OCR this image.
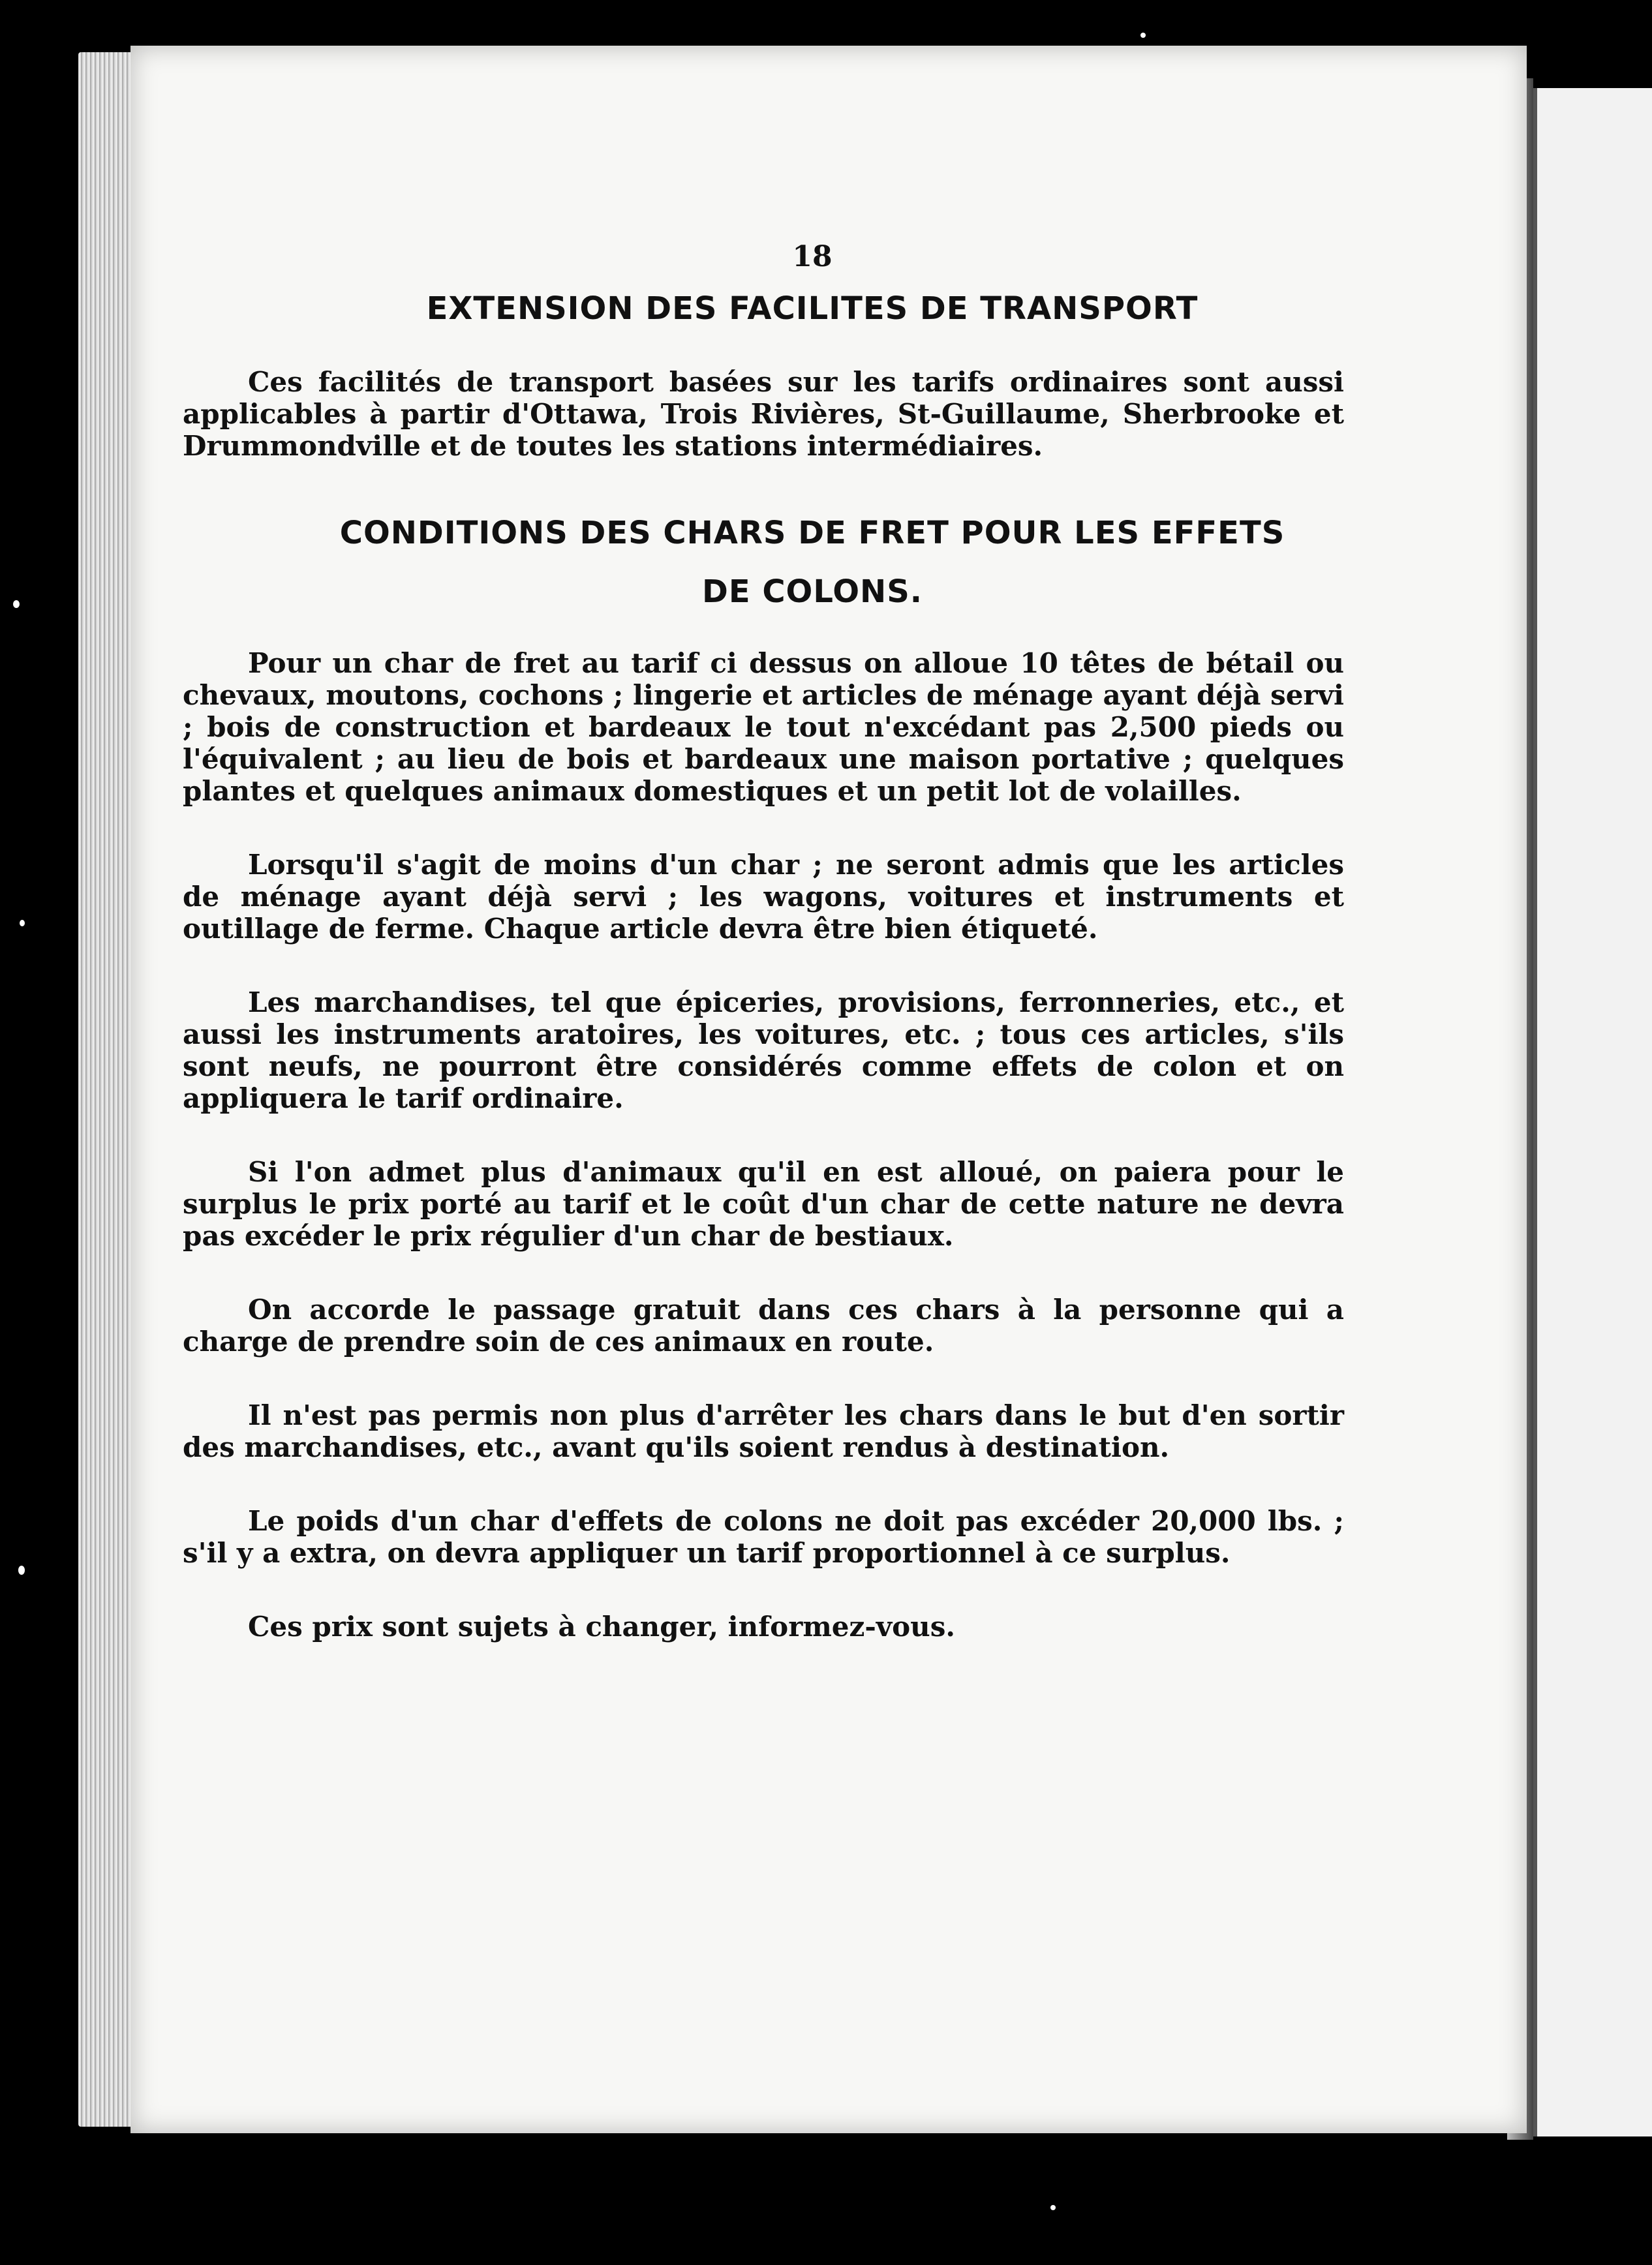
18
EXTENSION DES FACILITES DE TRANSPORT

Ces facilités de transport basées sur les tarifs ordinaires sont aussi applicables à partir d'Ottawa, Trois Rivières, St-Guillaume, Sherbrooke et Drummondville et de toutes les stations intermédiaires.

CONDITIONS DES CHARS DE FRET POUR LES EFFETS
DE COLONS.

Pour un char de fret au tarif ci dessus on alloue 10 têtes de bétail ou chevaux, moutons, cochons ; lingerie et articles de ménage ayant déjà servi ; bois de construction et bardeaux le tout n'excédant pas 2,500 pieds ou l'équivalent ; au lieu de bois et bardeaux une maison portative ; quelques plantes et quelques animaux domestiques et un petit lot de volailles.

Lorsqu'il s'agit de moins d'un char ; ne seront admis que les articles de ménage ayant déjà servi ; les wagons, voitures et instruments et outillage de ferme. Chaque article devra être bien étiqueté.

Les marchandises, tel que épiceries, provisions, ferronneries, etc., et aussi les instruments aratoires, les voitures, etc. ; tous ces articles, s'ils sont neufs, ne pourront être considérés comme effets de colon et on appliquera le tarif ordinaire.

Si l'on admet plus d'animaux qu'il en est alloué, on paiera pour le surplus le prix porté au tarif et le coût d'un char de cette nature ne devra pas excéder le prix régulier d'un char de bestiaux.

On accorde le passage gratuit dans ces chars à la personne qui a charge de prendre soin de ces animaux en route.

Il n'est pas permis non plus d'arrêter les chars dans le but d'en sortir des marchandises, etc., avant qu'ils soient rendus à destination.

Le poids d'un char d'effets de colons ne doit pas excéder 20,000 lbs. ; s'il y a extra, on devra appliquer un tarif proportionnel à ce surplus.

Ces prix sont sujets à changer, informez-vous.
